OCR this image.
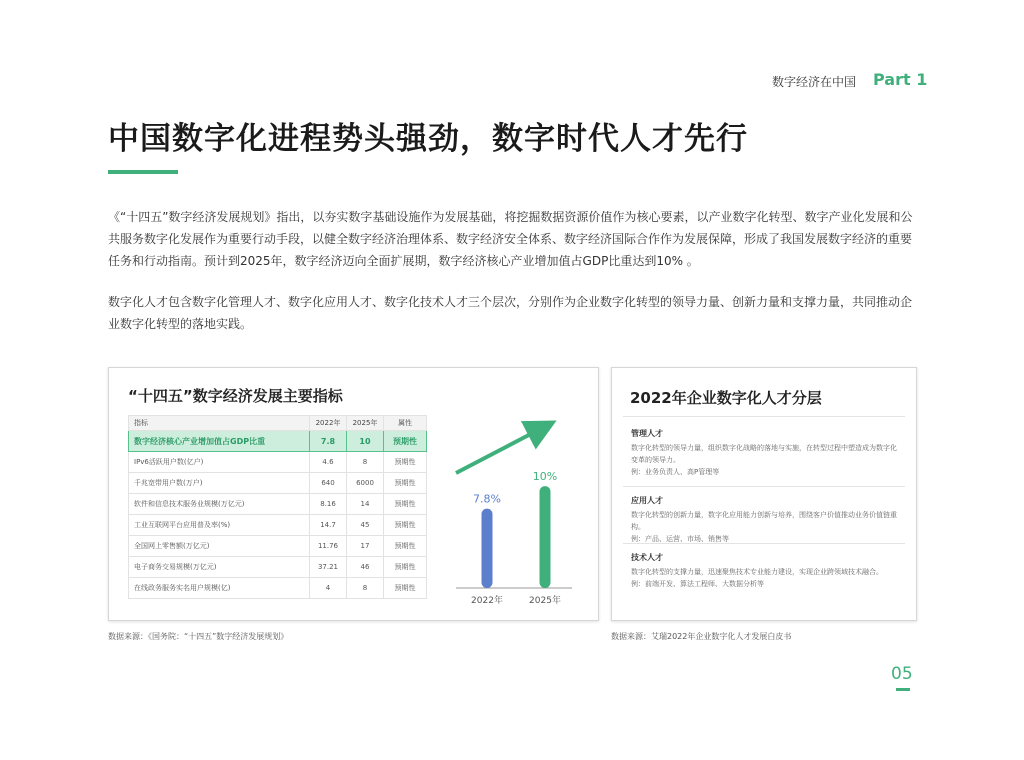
数字经济在中国 Part 1
中国数字化进程势头强劲，数字时代人才先行
《“十四五”数字经济发展规划》指出，以夯实数字基础设施作为发展基础，将挖掘数据资源价值作为核心要素，以产业数字化转型、数字产业化发展和公共服务数字化发展作为重要行动手段，以健全数字经济治理体系、数字经济安全体系、数字经济国际合作作为发展保障，形成了我国发展数字经济的重要任务和行动指南。预计到2025年，数字经济迈向全面扩展期，数字经济核心产业增加值占GDP比重达到10% 。
数字化人才包含数字化管理人才、数字化应用人才、数字化技术人才三个层次，分别作为企业数字化转型的领导力量、创新力量和支撑力量，共同推动企业数字化转型的落地实践。
“十四五”数字经济发展主要指标
指标	2022年	2025年	属性
数字经济核心产业增加值占GDP比重	7.8	10	预期性
IPv6活跃用户数(亿户)	4.6	8	预期性
千兆宽带用户数(万户)	640	6000	预期性
软件和信息技术服务业规模(万亿元)	8.16	14	预期性
工业互联网平台应用普及率(%)	14.7	45	预期性
全国网上零售额(万亿元)	11.76	17	预期性
电子商务交易规模(万亿元)	37.21	46	预期性
在线政务服务实名用户规模(亿)	4	8	预期性
7.8%
2022年
10%
2025年
2022年企业数字化人才分层
管理人才
数字化转型的领导力量，组织数字化战略的落地与实施，在转型过程中塑造成为数字化变革的领导力。
例：业务负责人、高P管理等
应用人才
数字化转型的创新力量，数字化应用能力创新与培养，围绕客户价值推动业务价值链重构。
例：产品、运营、市场、销售等
技术人才
数字化转型的支撑力量，迅速聚焦技术专业能力建设，实现企业跨领域技术融合。
例：前端开发、算法工程师、大数据分析等
数据来源：《国务院：“十四五”数字经济发展规划》	数据来源：艾瑞2022年企业数字化人才发展白皮书
05
